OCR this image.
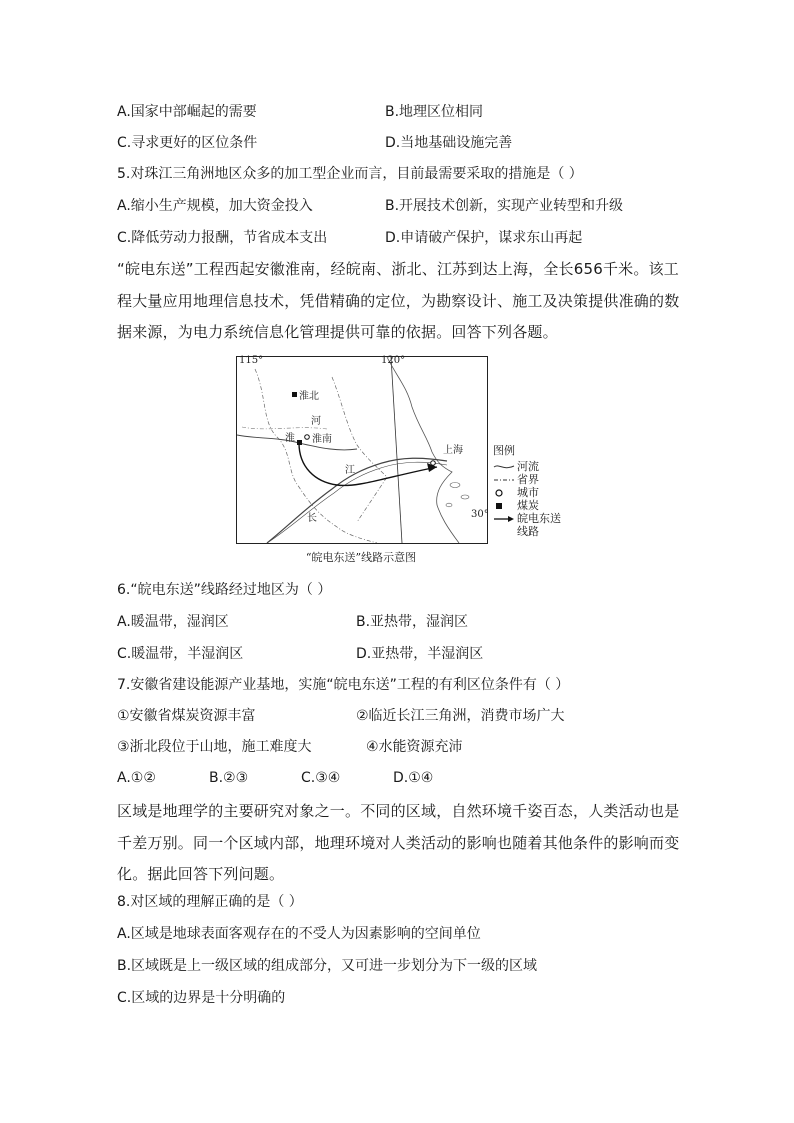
A.国家中部崛起的需要	B.地理区位相同
C.寻求更好的区位条件	D.当地基础设施完善
5.对珠江三角洲地区众多的加工型企业而言，目前最需要采取的措施是（ ）
A.缩小生产规模，加大资金投入	B.开展技术创新，实现产业转型和升级
C.降低劳动力报酬，节省成本支出	D.申请破产保护，谋求东山再起
“皖电东送”工程西起安徽淮南，经皖南、浙北、江苏到达上海，全长656千米。该工程大量应用地理信息技术，凭借精确的定位，为勘察设计、施工及决策提供准确的数据来源，为电力系统信息化管理提供可靠的依据。回答下列各题。
115°	120°
30°
淮北
河
淮 淮南
江
长
上海	图例
河流
省界
城市
煤炭
皖电东送
线路
“皖电东送”线路示意图
6.“皖电东送”线路经过地区为（ ）
A.暖温带，湿润区	B.亚热带，湿润区
C.暖温带，半湿润区	D.亚热带，半湿润区
7.安徽省建设能源产业基地，实施“皖电东送”工程的有利区位条件有（ ）
①安徽省煤炭资源丰富	②临近长江三角洲，消费市场广大
③浙北段位于山地，施工难度大	④水能资源充沛
A.①②	B.②③	C.③④	D.①④
区域是地理学的主要研究对象之一。不同的区域，自然环境千姿百态，人类活动也是千差万别。同一个区域内部，地理环境对人类活动的影响也随着其他条件的影响而变化。据此回答下列问题。
8.对区域的理解正确的是（ ）
A.区域是地球表面客观存在的不受人为因素影响的空间单位
B.区域既是上一级区域的组成部分，又可进一步划分为下一级的区域
C.区域的边界是十分明确的
